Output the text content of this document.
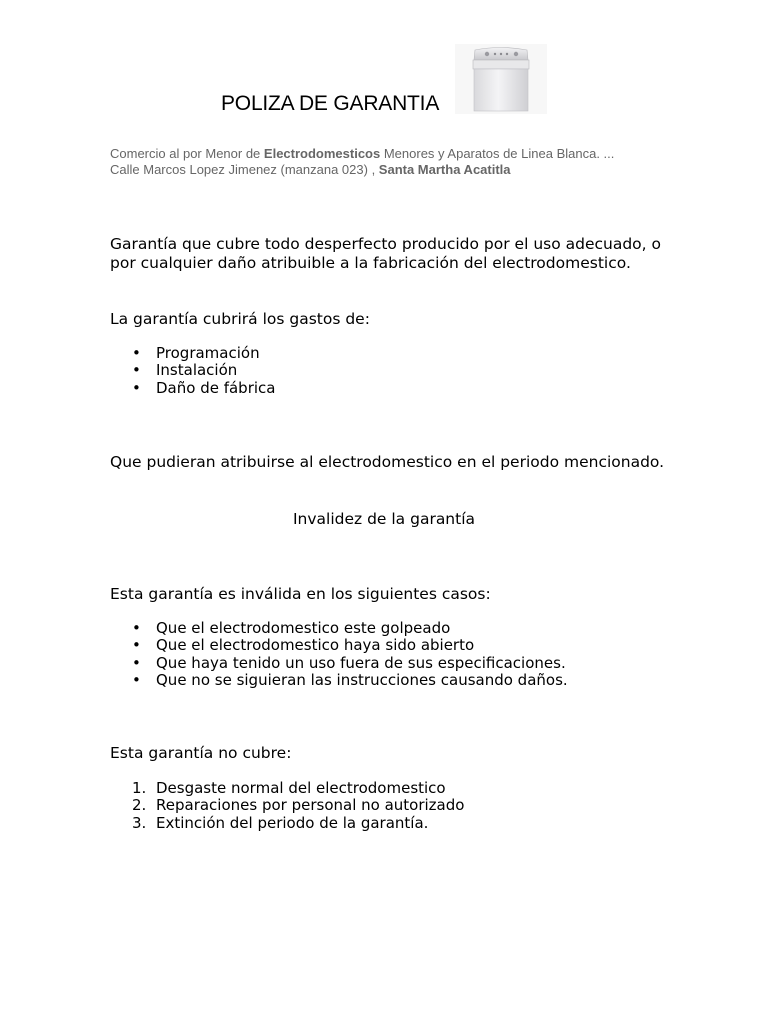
POLIZA DE GARANTIA
Comercio al por Menor de Electrodomesticos Menores y Aparatos de Linea Blanca. ...
Calle Marcos Lopez Jimenez (manzana 023) , Santa Martha Acatitla
Garantía que cubre todo desperfecto producido por el uso adecuado, o por cualquier daño atribuible a la fabricación del electrodomestico.
La garantía cubrirá los gastos de:
• Programación
• Instalación
• Daño de fábrica
Que pudieran atribuirse al electrodomestico en el periodo mencionado.
Invalidez de la garantía
Esta garantía es inválida en los siguientes casos:
• Que el electrodomestico este golpeado
• Que el electrodomestico haya sido abierto
• Que haya tenido un uso fuera de sus especificaciones.
• Que no se siguieran las instrucciones causando daños.
Esta garantía no cubre:
1. Desgaste normal del electrodomestico
2. Reparaciones por personal no autorizado
3. Extinción del periodo de la garantía.
